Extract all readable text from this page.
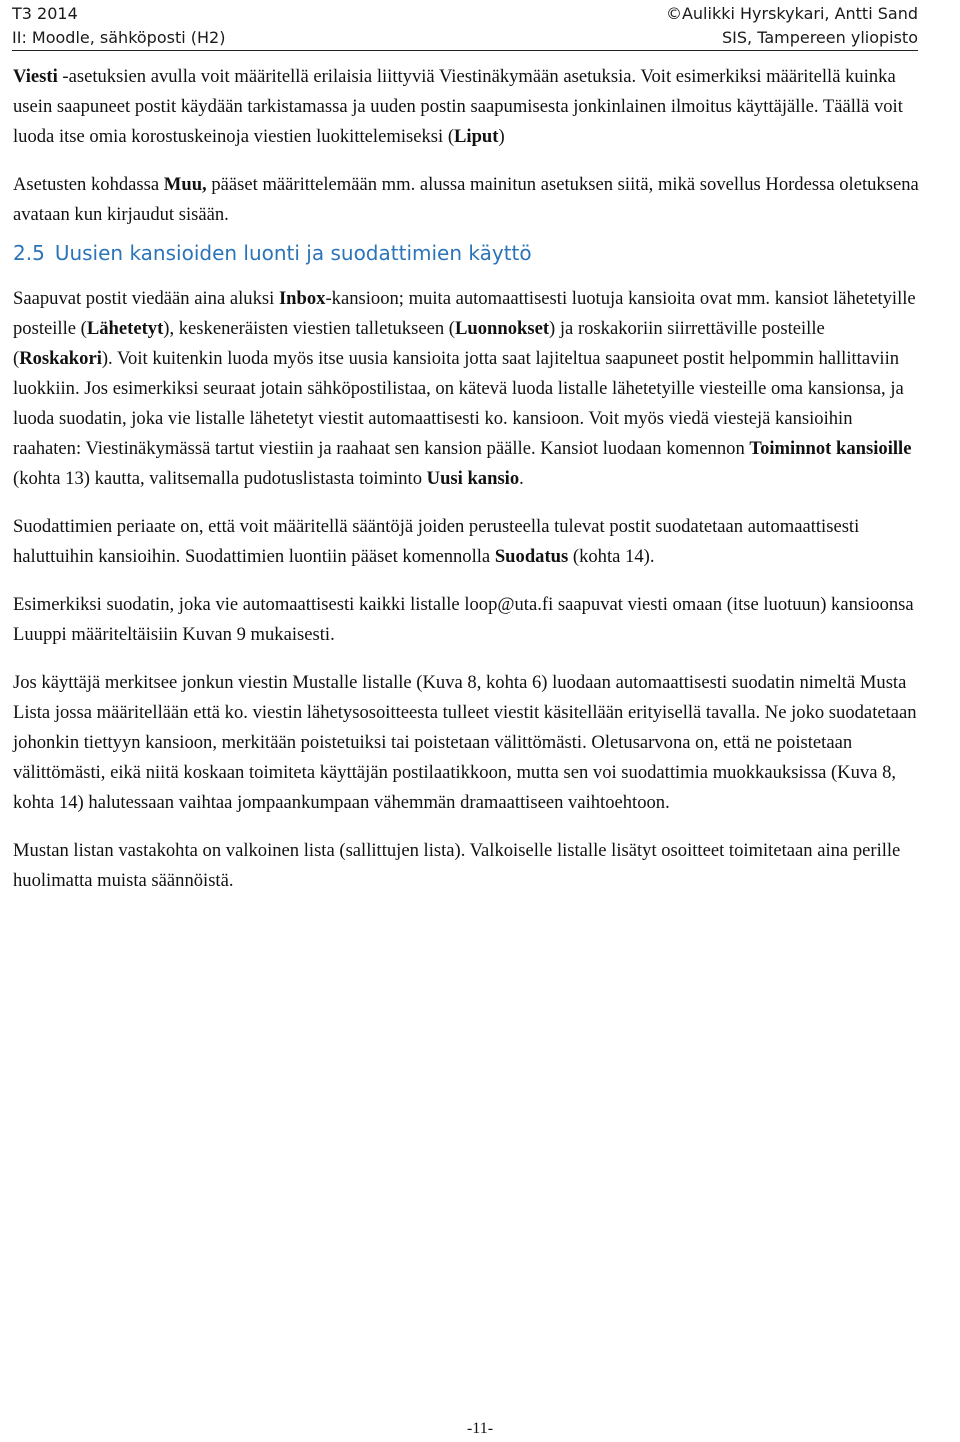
T3 2014
II: Moodle, sähköposti (H2)
©Aulikki Hyrskykari, Antti Sand
SIS, Tampereen yliopisto

Viesti -asetuksien avulla voit määritellä erilaisia liittyviä Viestinäkymään asetuksia. Voit esimerkiksi määritellä kuinka usein saapuneet postit käydään tarkistamassa ja uuden postin saapumisesta jonkinlainen ilmoitus käyttäjälle. Täällä voit luoda itse omia korostuskeinoja viestien luokittelemiseksi (Liput)

Asetusten kohdassa Muu, pääset määrittelemään mm. alussa mainitun asetuksen siitä, mikä sovellus Hordessa oletuksena avataan kun kirjaudut sisään.

2.5 Uusien kansioiden luonti ja suodattimien käyttö

Saapuvat postit viedään aina aluksi Inbox-kansioon; muita automaattisesti luotuja kansioita ovat mm. kansiot lähetetyille posteille (Lähetetyt), keskeneräisten viestien talletukseen (Luonnokset) ja roskakoriin siirrettäville posteille (Roskakori). Voit kuitenkin luoda myös itse uusia kansioita jotta saat lajiteltua saapuneet postit helpommin hallittaviin luokkiin. Jos esimerkiksi seuraat jotain sähköpostilistaa, on kätevä luoda listalle lähetetyille viesteille oma kansionsa, ja luoda suodatin, joka vie listalle lähetetyt viestit automaattisesti ko. kansioon. Voit myös viedä viestejä kansioihin raahaten: Viestinäkymässä tartut viestiin ja raahaat sen kansion päälle. Kansiot luodaan komennon Toiminnot kansioille (kohta 13) kautta, valitsemalla pudotuslistasta toiminto Uusi kansio.

Suodattimien periaate on, että voit määritellä sääntöjä joiden perusteella tulevat postit suodatetaan automaattisesti haluttuihin kansioihin. Suodattimien luontiin pääset komennolla Suodatus (kohta 14).

Esimerkiksi suodatin, joka vie automaattisesti kaikki listalle loop@uta.fi saapuvat viesti omaan (itse luotuun) kansioonsa Luuppi määriteltäisiin Kuvan 9 mukaisesti.

Jos käyttäjä merkitsee jonkun viestin Mustalle listalle (Kuva 8, kohta 6) luodaan automaattisesti suodatin nimeltä Musta Lista jossa määritellään että ko. viestin lähetysosoitteesta tulleet viestit käsitellään erityisellä tavalla. Ne joko suodatetaan johonkin tiettyyn kansioon, merkitään poistetuiksi tai poistetaan välittömästi. Oletusarvona on, että ne poistetaan välittömästi, eikä niitä koskaan toimiteta käyttäjän postilaatikkoon, mutta sen voi suodattimia muokkauksissa (Kuva 8, kohta 14) halutessaan vaihtaa jompaankumpaan vähemmän dramaattiseen vaihtoehtoon.

Mustan listan vastakohta on valkoinen lista (sallittujen lista). Valkoiselle listalle lisätyt osoitteet toimitetaan aina perille huolimatta muista säännöistä.

-11-
